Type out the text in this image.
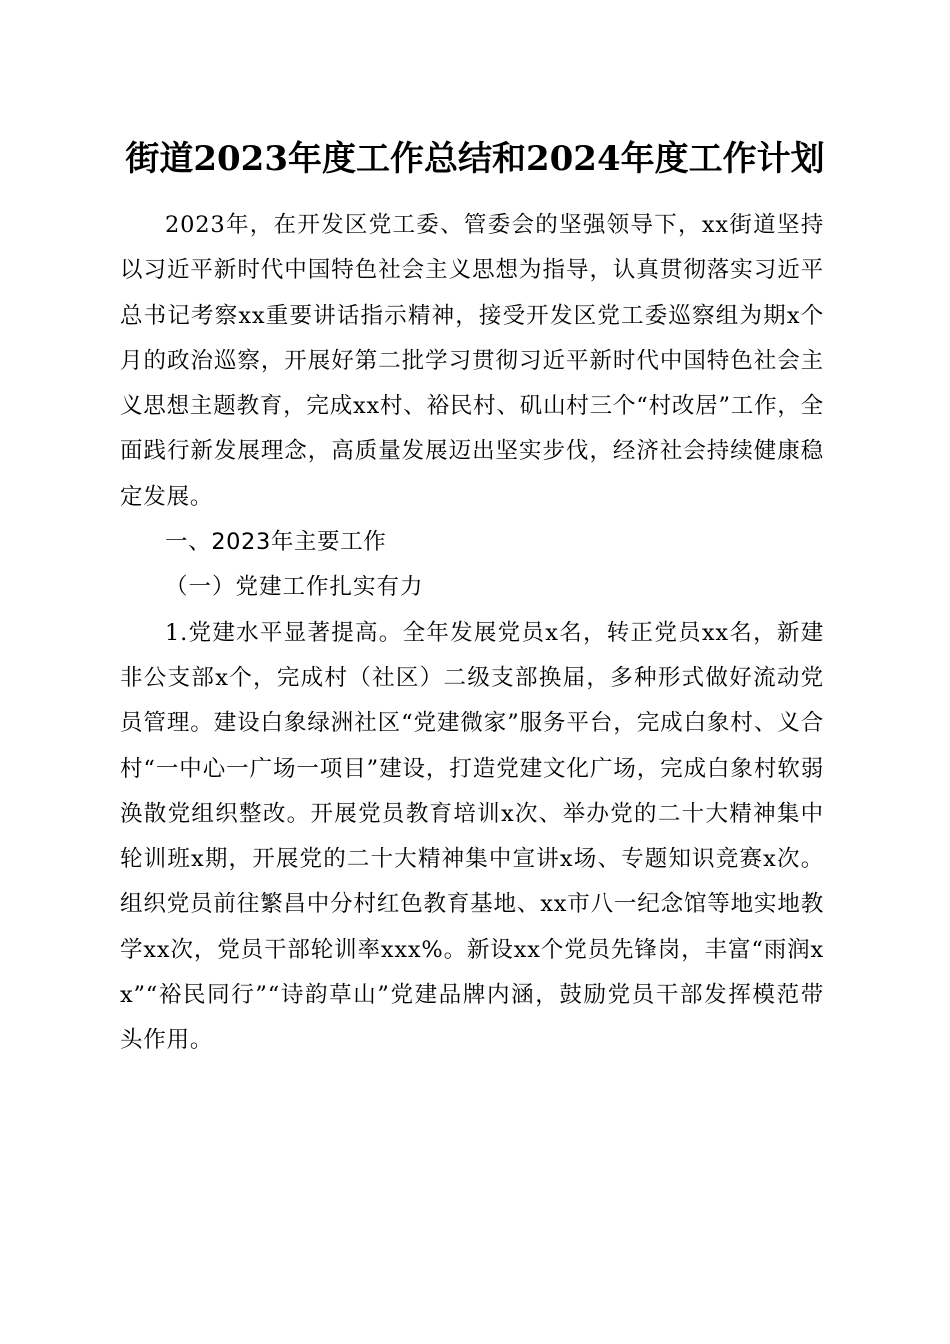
街道2023年度工作总结和2024年度工作计划

2023年，在开发区党工委、管委会的坚强领导下，xx街道坚持以习近平新时代中国特色社会主义思想为指导，认真贯彻落实习近平总书记考察xx重要讲话指示精神，接受开发区党工委巡察组为期x个月的政治巡察，开展好第二批学习贯彻习近平新时代中国特色社会主义思想主题教育，完成xx村、裕民村、矶山村三个“村改居”工作，全面践行新发展理念，高质量发展迈出坚实步伐，经济社会持续健康稳定发展。

一、2023年主要工作

（一）党建工作扎实有力

1.党建水平显著提高。全年发展党员x名，转正党员xx名，新建非公支部x个，完成村（社区）二级支部换届，多种形式做好流动党员管理。建设白象绿洲社区“党建微家”服务平台，完成白象村、义合村“一中心一广场一项目”建设，打造党建文化广场，完成白象村软弱涣散党组织整改。开展党员教育培训x次、举办党的二十大精神集中轮训班x期，开展党的二十大精神集中宣讲x场、专题知识竞赛x次。组织党员前往繁昌中分村红色教育基地、xx市八一纪念馆等地实地教学xx次，党员干部轮训率xxx%。新设xx个党员先锋岗，丰富“雨润xx”“裕民同行”“诗韵草山”党建品牌内涵，鼓励党员干部发挥模范带头作用。
